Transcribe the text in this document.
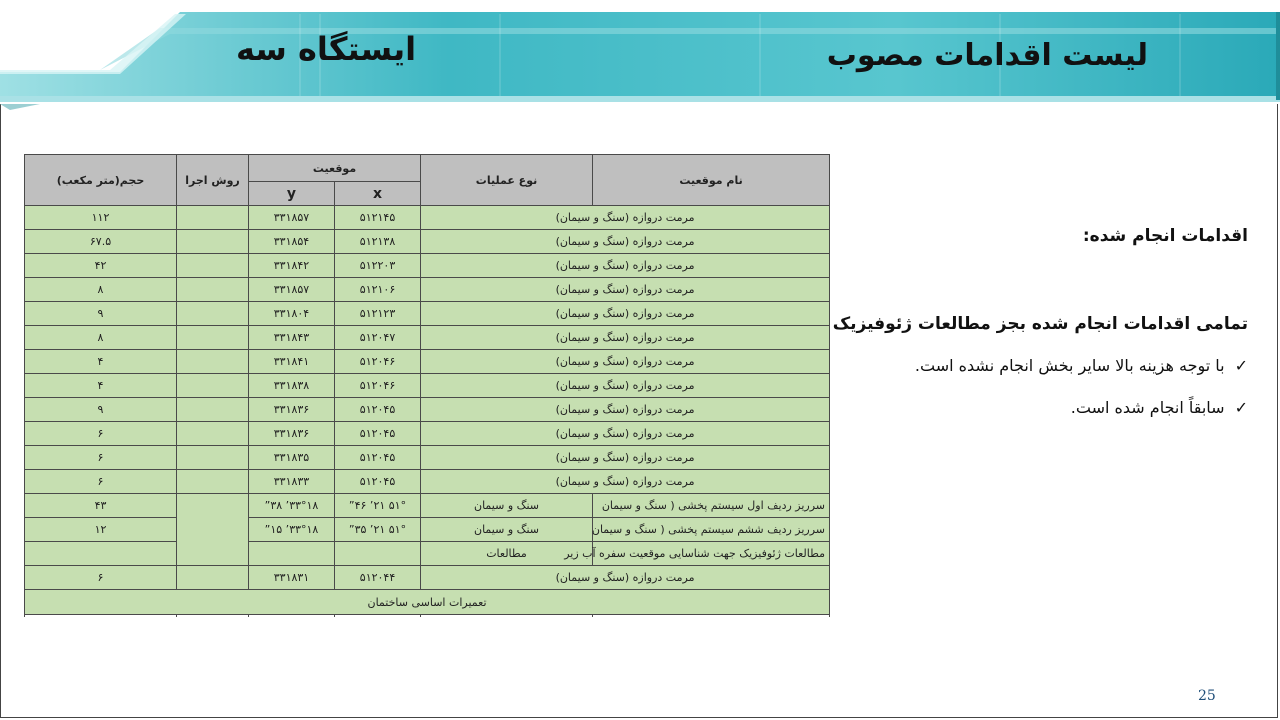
لیست اقدامات مصوب
ایستگاه سه
حجم(متر مکعب)	روش اجرا	موقعیت		نوع عملیات	نام موقعیت
		y	x		
۱۱۲		۳۳۱۸۵۷	۵۱۲۱۴۵	مرمت دروازه (سنگ و سیمان)	
۶۷.۵		۳۳۱۸۵۴	۵۱۲۱۳۸	مرمت دروازه (سنگ و سیمان)	
۴۲		۳۳۱۸۴۲	۵۱۲۲۰۳	مرمت دروازه (سنگ و سیمان)	
۸		۳۳۱۸۵۷	۵۱۲۱۰۶	مرمت دروازه (سنگ و سیمان)	
۹		۳۳۱۸۰۴	۵۱۲۱۲۳	مرمت دروازه (سنگ و سیمان)	
۸		۳۳۱۸۴۳	۵۱۲۰۴۷	مرمت دروازه (سنگ و سیمان)	
۴		۳۳۱۸۴۱	۵۱۲۰۴۶	مرمت دروازه (سنگ و سیمان)	
۴		۳۳۱۸۳۸	۵۱۲۰۴۶	مرمت دروازه (سنگ و سیمان)	
۹		۳۳۱۸۳۶	۵۱۲۰۴۵	مرمت دروازه (سنگ و سیمان)	
۶		۳۳۱۸۳۶	۵۱۲۰۴۵	مرمت دروازه (سنگ و سیمان)	
۶		۳۳۱۸۳۵	۵۱۲۰۴۵	مرمت دروازه (سنگ و سیمان)	
۶		۳۳۱۸۳۳	۵۱۲۰۴۵	مرمت دروازه (سنگ و سیمان)	
۴۳		۳۳°۱۸’ ۳۸”	۵۱° ۲۱’ ۴۶”	سنگ و سیمان	سرریز ردیف اول سیستم پخشی ( سنگ و سیمان
۱۲		۳۳°۱۸’ ۱۵”	۵۱° ۲۱’ ۳۵”	سنگ و سیمان	سرریز ردیف ششم سیستم پخشی ( سنگ و سیمان
				مطالعات	مطالعات ژئوفیزیک جهت شناسایی موقعیت سفره آب زیر
۶		۳۳۱۸۳۱	۵۱۲۰۴۴	مرمت دروازه (سنگ و سیمان)	
تعمیرات اساسی ساختمان					

اقدامات انجام شده:

تمامی اقدامات انجام شده بجز مطالعات ژئوفیزیک

✓
با توجه هزینه بالا سایر بخش انجام نشده است.
✓
سابقاً انجام شده است.
25
